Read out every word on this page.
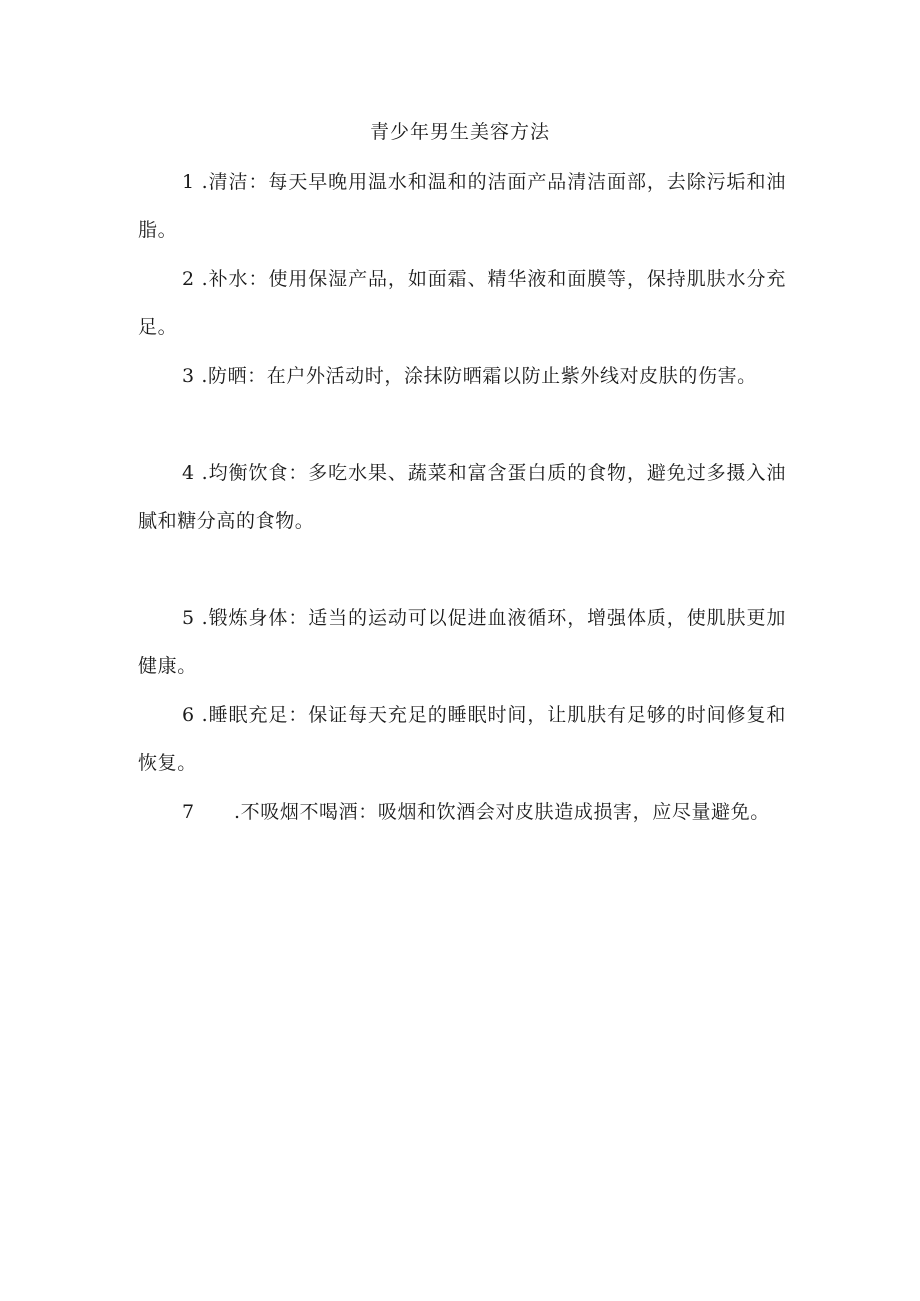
青少年男生美容方法
1 .清洁：每天早晚用温水和温和的洁面产品清洁面部，去除污垢和油脂。
2 .补水：使用保湿产品，如面霜、精华液和面膜等，保持肌肤水分充足。
3 .防晒：在户外活动时，涂抹防晒霜以防止紫外线对皮肤的伤害。
4 .均衡饮食：多吃水果、蔬菜和富含蛋白质的食物，避免过多摄入油腻和糖分高的食物。
5 .锻炼身体：适当的运动可以促进血液循环，增强体质，使肌肤更加健康。
6 .睡眠充足：保证每天充足的睡眠时间，让肌肤有足够的时间修复和恢复。
7 .不吸烟不喝酒：吸烟和饮酒会对皮肤造成损害，应尽量避免。
